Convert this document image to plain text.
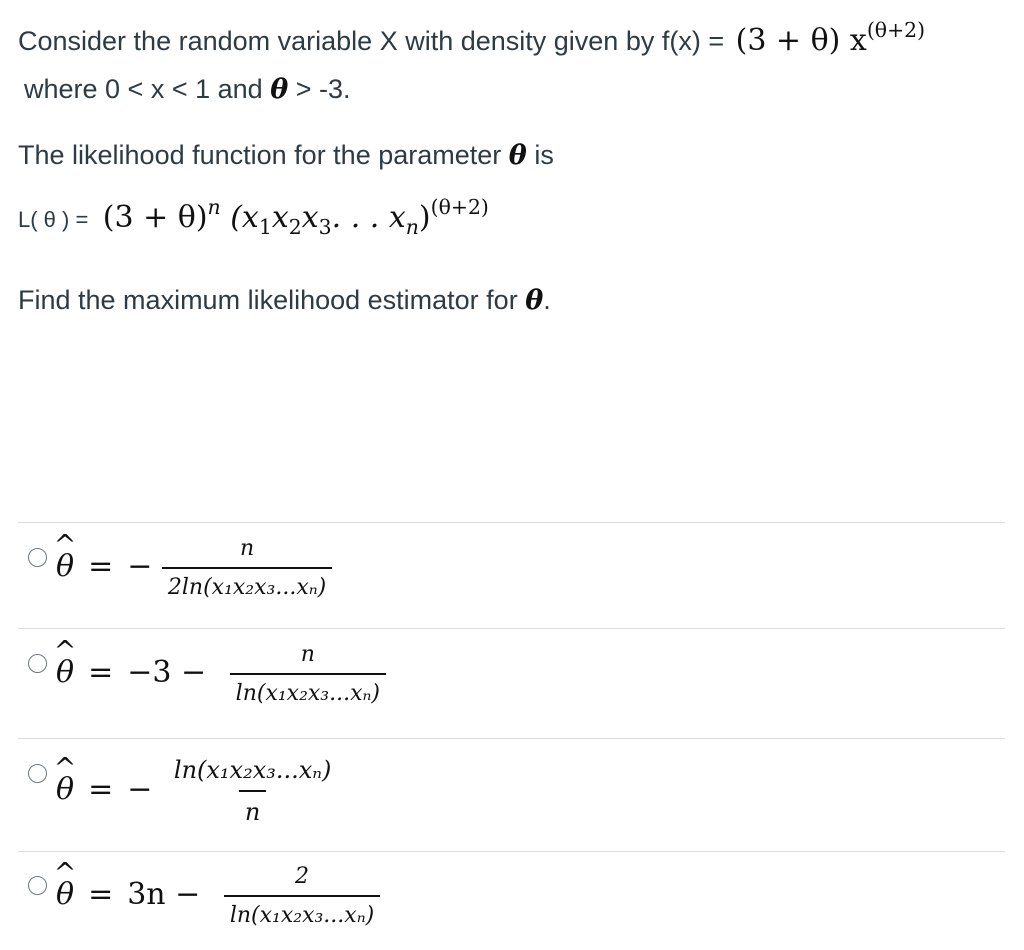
Consider the random variable X with density given by f(x) = (3 + θ) $x^{(\theta+2)}$
where 0 < x < 1 and θ > -3.
The likelihood function for the parameter θ is
L( θ ) = $(3 + \theta)^n$ ($x_1x_2x_3$. . . $x_n)^{(\theta+2)}$
Find the maximum likelihood estimator for θ.
^ θ = − $\frac{n}{\text{2ln(x₁x₂x₃...xₙ)}}$
^ $\theta = -3 - \frac{n}{\text{ln(x₁x₂x₃...xₙ)}}$
^ θ = − $\frac{\text{ln(x₁x₂x₃...xₙ)}}{n}$
^ $\theta = 3n - \frac{2}{\text{ln(x₁x₂x₃...xₙ)}}$
